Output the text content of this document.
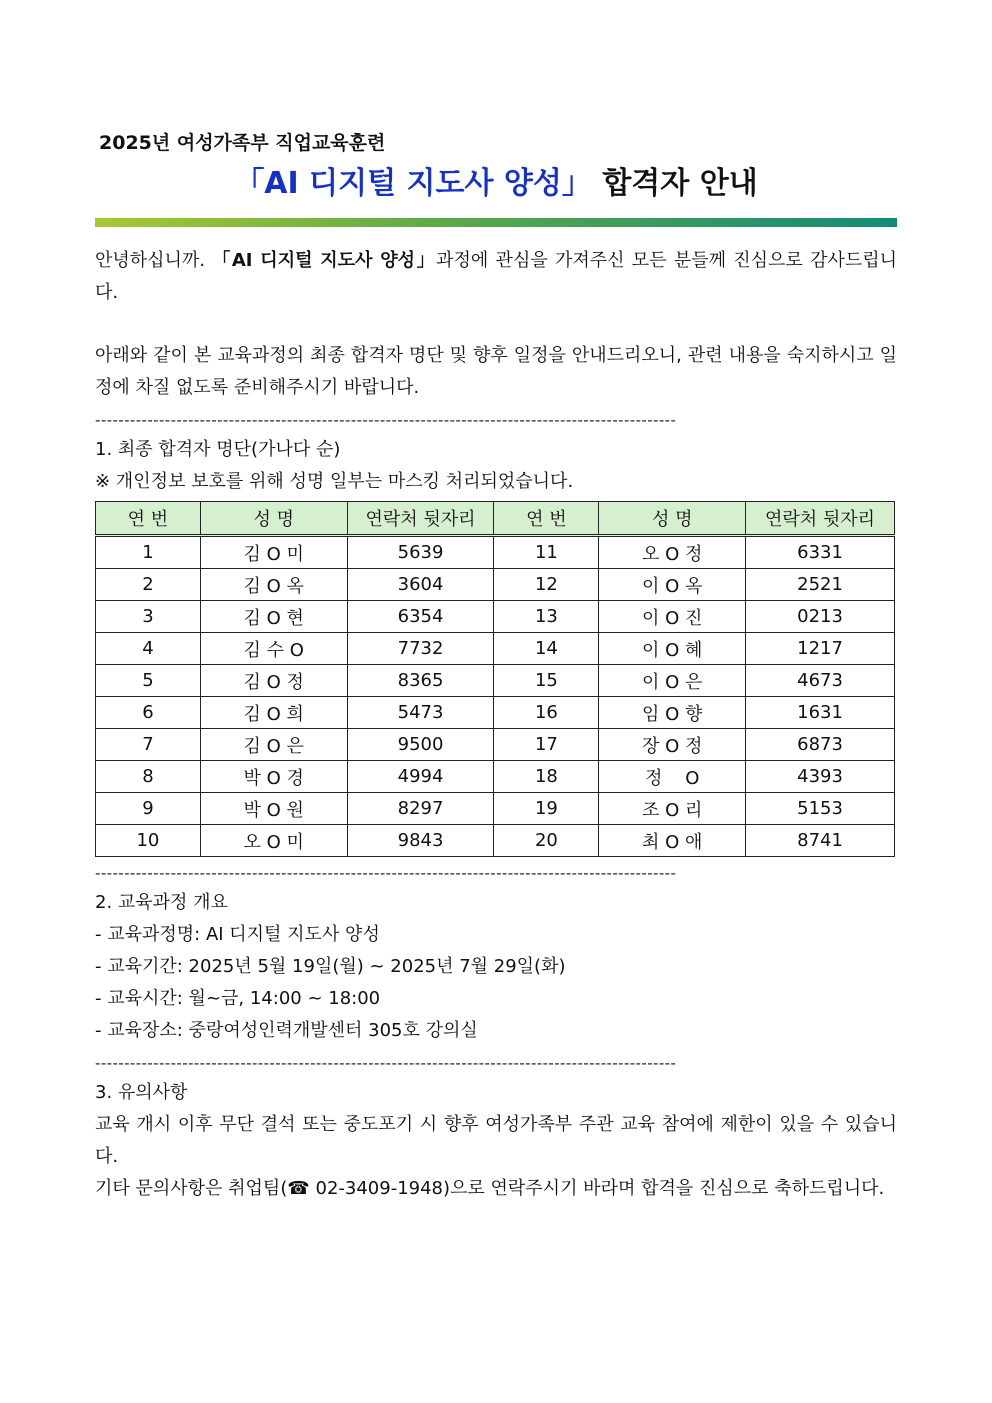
2025년 여성가족부 직업교육훈련
「AI 디지털 지도사 양성」 합격자 안내

안녕하십니까. 「AI 디지털 지도사 양성」과정에 관심을 가져주신 모든 분들께 진심으로 감사드립니다.

아래와 같이 본 교육과정의 최종 합격자 명단 및 향후 일정을 안내드리오니, 관련 내용을 숙지하시고 일정에 차질 없도록 준비해주시기 바랍니다.

----------------------------------------------------------------------------------------------------

1. 최종 합격자 명단(가나다 순)

※ 개인정보 보호를 위해 성명 일부는 마스킹 처리되었습니다.

연 번	성 명	연락처 뒷자리	연 번	성 명	연락처 뒷자리
1	김 O 미	5639	11	오 O 정	6331
2	김 O 옥	3604	12	이 O 옥	2521
3	김 O 현	6354	13	이 O 진	0213
4	김 수 O	7732	14	이 O 혜	1217
5	김 O 정	8365	15	이 O 은	4673
6	김 O 희	5473	16	임 O 향	1631
7	김 O 은	9500	17	장 O 정	6873
8	박 O 경	4994	18	정    O	4393
9	박 O 원	8297	19	조 O 리	5153
10	오 O 미	9843	20	최 O 애	8741
----------------------------------------------------------------------------------------------------

2. 교육과정 개요

- 교육과정명: AI 디지털 지도사 양성

- 교육기간: 2025년 5월 19일(월) ~ 2025년 7월 29일(화)

- 교육시간: 월~금, 14:00 ~ 18:00

- 교육장소: 중랑여성인력개발센터 305호 강의실

----------------------------------------------------------------------------------------------------

3. 유의사항

교육 개시 이후 무단 결석 또는 중도포기 시 향후 여성가족부 주관 교육 참여에 제한이 있을 수 있습니다.

기타 문의사항은 취업팀(☎ 02-3409-1948)으로 연락주시기 바라며 합격을 진심으로 축하드립니다.
